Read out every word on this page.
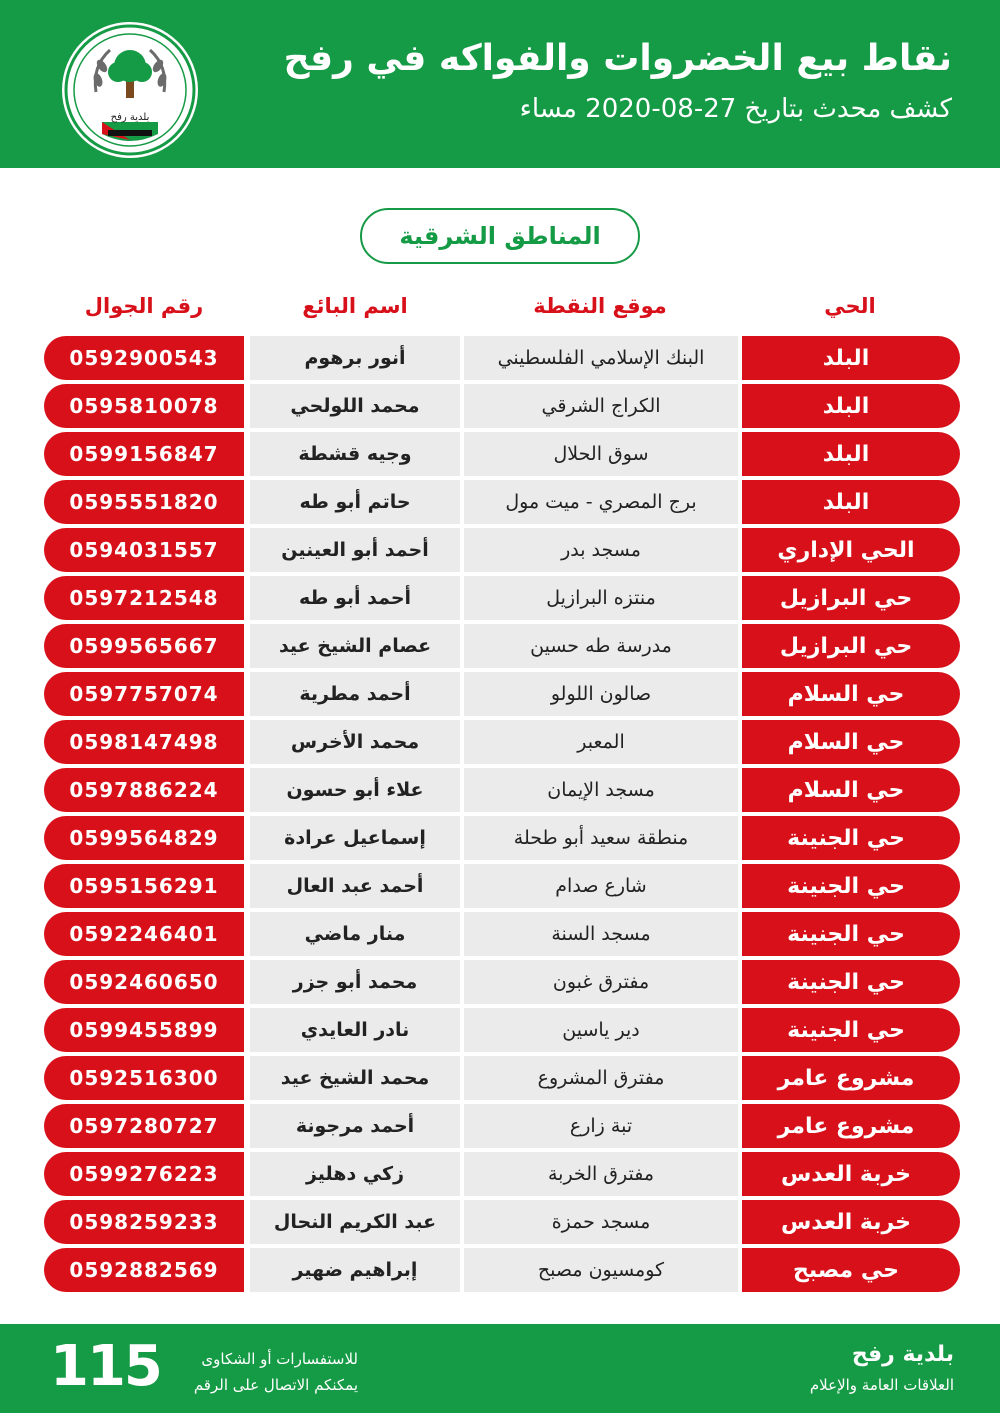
بلدية رفح
نقاط بيع الخضروات والفواكه في رفح
كشف محدث بتاريخ 27-08-2020 مساء
المناطق الشرقية
الحي
موقع النقطة
اسم البائع
رقم الجوال
البلد
البنك الإسلامي الفلسطيني
أنور برهوم
0592900543
البلد
الكراج الشرقي
محمد اللولحي
0595810078
البلد
سوق الحلال
وجيه قشطة
0599156847
البلد
برج المصري - ميت مول
حاتم أبو طه
0595551820
الحي الإداري
مسجد بدر
أحمد أبو العينين
0594031557
حي البرازيل
منتزه البرازيل
أحمد أبو طه
0597212548
حي البرازيل
مدرسة طه حسين
عصام الشيخ عيد
0599565667
حي السلام
صالون اللولو
أحمد مطرية
0597757074
حي السلام
المعبر
محمد الأخرس
0598147498
حي السلام
مسجد الإيمان
علاء أبو حسون
0597886224
حي الجنينة
منطقة سعيد أبو طحلة
إسماعيل عرادة
0599564829
حي الجنينة
شارع صدام
أحمد عبد العال
0595156291
حي الجنينة
مسجد السنة
منار ماضي
0592246401
حي الجنينة
مفترق غبون
محمد أبو جزر
0592460650
حي الجنينة
دير ياسين
نادر العايدي
0599455899
مشروع عامر
مفترق المشروع
محمد الشيخ عيد
0592516300
مشروع عامر
تبة زارع
أحمد مرجونة
0597280727
خربة العدس
مفترق الخربة
زكي دهليز
0599276223
خربة العدس
مسجد حمزة
عبد الكريم النحال
0598259233
حي مصبح
كومسيون مصبح
إبراهيم ضهير
0592882569
بلدية رفح
العلاقات العامة والإعلام
للاستفسارات أو الشكاوى
يمكنكم الاتصال على الرقم
115
